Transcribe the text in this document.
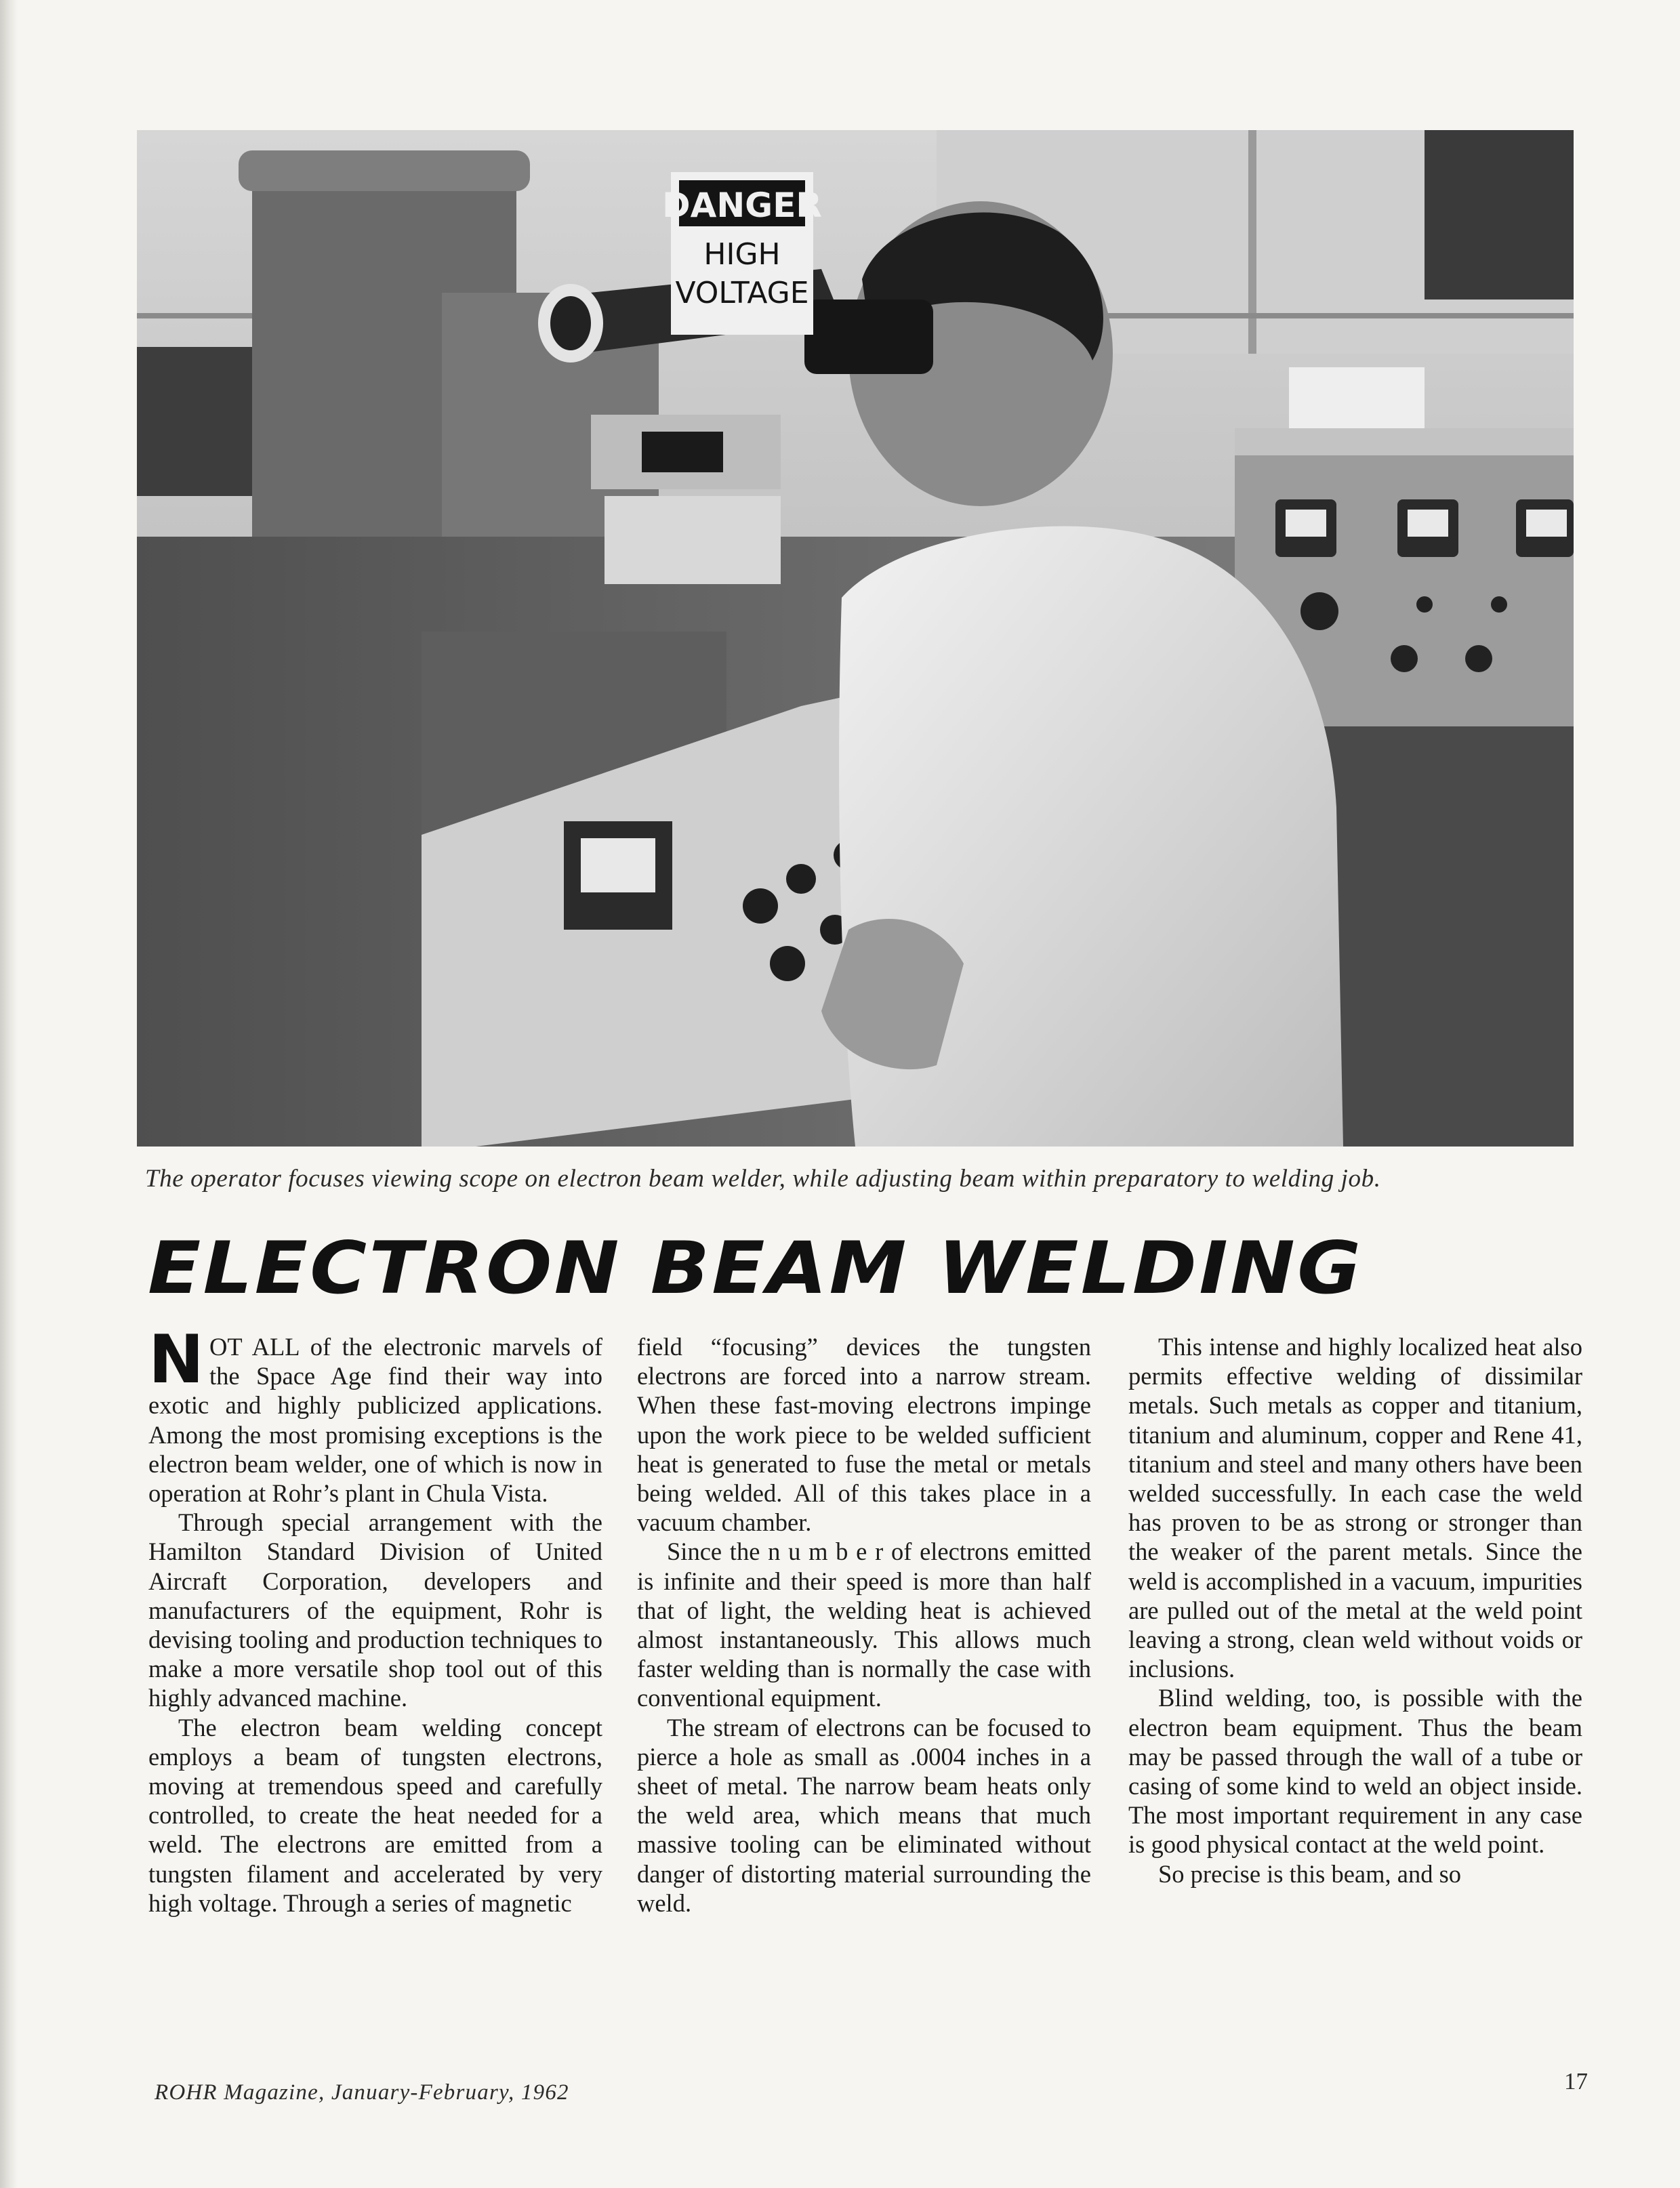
DANGER
HIGH
VOLTAGE
The operator focuses viewing scope on electron beam welder, while adjusting beam within preparatory to welding job.
ELECTRON BEAM WELDING

NOT ALL of the electronic marvels of the Space Age find their way into exotic and highly publicized applications. Among the most promising exceptions is the electron beam welder, one of which is now in operation at Rohr’s plant in Chula Vista.

Through special arrangement with the Hamilton Standard Division of United Aircraft Corporation, developers and manufacturers of the equipment, Rohr is devising tooling and production techniques to make a more versatile shop tool out of this highly advanced machine.

The electron beam welding concept employs a beam of tungsten electrons, moving at tremendous speed and carefully controlled, to create the heat needed for a weld. The electrons are emitted from a tungsten filament and accelerated by very high voltage. Through a series of magnetic

field “focusing” devices the tungsten electrons are forced into a narrow stream. When these fast-moving electrons impinge upon the work piece to be welded sufficient heat is generated to fuse the metal or metals being welded. All of this takes place in a vacuum chamber.

Since the n u m b e r of electrons emitted is infinite and their speed is more than half that of light, the welding heat is achieved almost instantaneously. This allows much faster welding than is normally the case with conventional equipment.

The stream of electrons can be focused to pierce a hole as small as .0004 inches in a sheet of metal. The narrow beam heats only the weld area, which means that much massive tooling can be eliminated without danger of distorting material surrounding the weld.

This intense and highly localized heat also permits effective welding of dissimilar metals. Such metals as copper and titanium, titanium and aluminum, copper and Rene 41, titanium and steel and many others have been welded successfully. In each case the weld has proven to be as strong or stronger than the weaker of the parent metals. Since the weld is accomplished in a vacuum, impurities are pulled out of the metal at the weld point leaving a strong, clean weld without voids or inclusions.

Blind welding, too, is possible with the electron beam equipment. Thus the beam may be passed through the wall of a tube or casing of some kind to weld an object inside. The most important requirement in any case is good physical contact at the weld point.

So precise is this beam, and so

ROHR Magazine, January-February, 1962	17
